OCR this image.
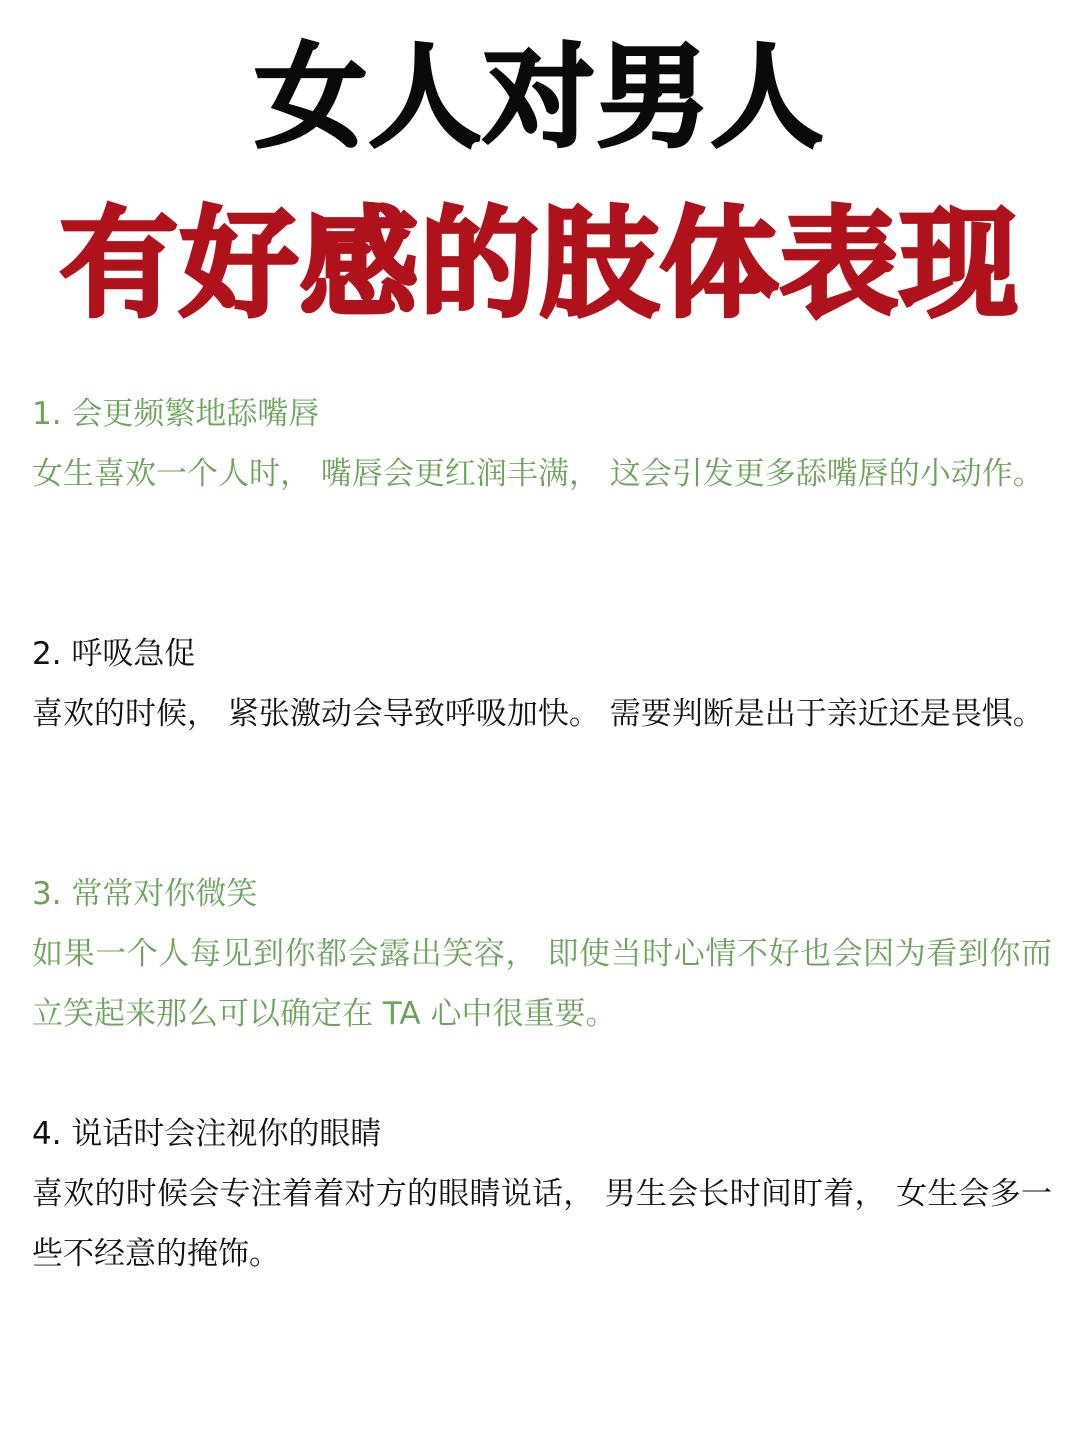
女人对男人
有好感的肢体表现
1. 会更频繁地舔嘴唇
女生喜欢一个人时， 嘴唇会更红润丰满， 这会引发更多舔嘴唇的小动作。
2. 呼吸急促
喜欢的时候， 紧张激动会导致呼吸加快。 需要判断是出于亲近还是畏惧。
3. 常常对你微笑
如果一个人每见到你都会露出笑容， 即使当时心情不好也会因为看到你而立笑起来那么可以确定在 TA 心中很重要。
4. 说话时会注视你的眼睛
喜欢的时候会专注着着对方的眼睛说话， 男生会长时间盯着， 女生会多一些不经意的掩饰。
